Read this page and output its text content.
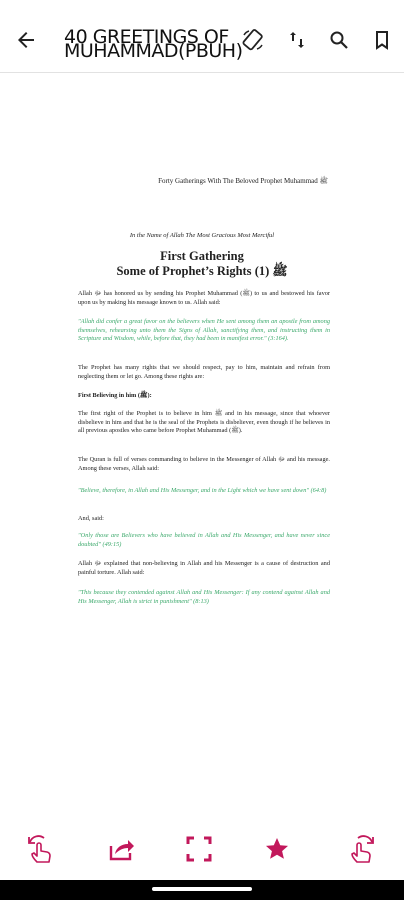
40 GREETINGS OF
MUHAMMAD(PBUH)
Forty Gatherings With The Beloved Prophet Muhammad ﷺ
In the Name of Allah The Most Gracious Most Merciful
First Gathering
Some of Prophet’s Rights ﷺ (1)
Allah ﷻ has honored us by sending his Prophet Muhammad (ﷺ) to us and bestowed his favor upon us by making his message known to us. Allah said:
"Allah did confer a great favor on the believers when He sent among them an apostle from among themselves, rehearsing unto them the Signs of Allah, sanctifying them, and instructing them in Scripture and Wisdom, while, before that, they had been in manifest error." (3:164).
The Prophet has many rights that we should respect, pay to him, maintain and refrain from neglecting them or let go. Among these rights are:
First Believing in him (ﷺ):
The first right of the Prophet is to believe in him ﷺ and in his message, since that whoever disbelieve in him and that he is the seal of the Prophets is disbeliever, even though if he believes in all previous apostles who came before Prophet Muhammad (ﷺ).
The Quran is full of verses commanding to believe in the Messenger of Allah ﷻ and his message. Among these verses, Allah said:
"Believe, therefore, in Allah and His Messenger, and in the Light which we have sent down" (64:8)
And, said:
"Only those are Believers who have believed in Allah and His Messenger, and have never since doubted" (49:15)
Allah ﷻ explained that non-believing in Allah and his Messenger is a cause of destruction and painful torture. Allah said:
"This because they contended against Allah and His Messenger: If any contend against Allah and His Messenger, Allah is strict in punishment" (8:13)
